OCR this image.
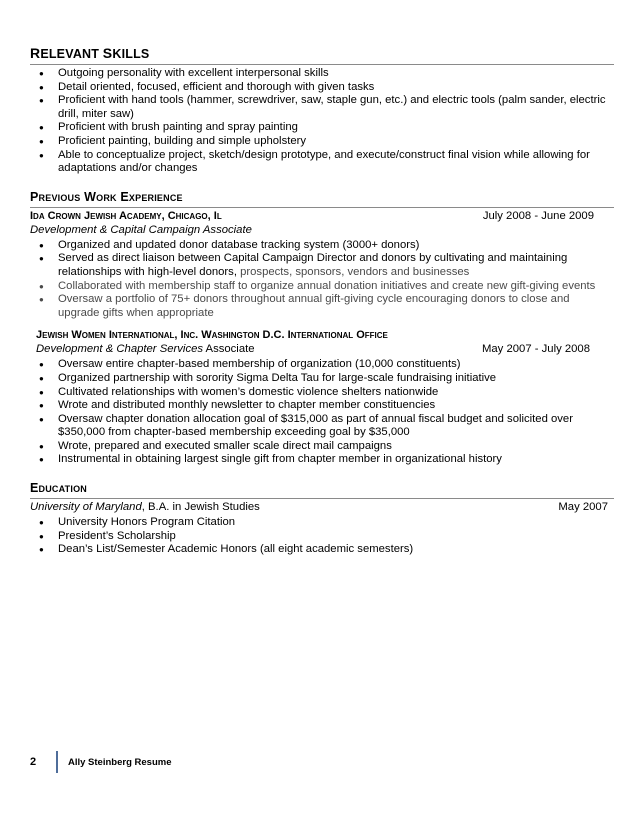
RELEVANT SKILLS
● Outgoing personality with excellent interpersonal skills
● Detail oriented, focused, efficient and thorough with given tasks
● Proficient with hand tools (hammer, screwdriver, saw, staple gun, etc.) and electric tools (palm sander, electric drill, miter saw)
● Proficient with brush painting and spray painting
● Proficient painting, building and simple upholstery
● Able to conceptualize project, sketch/design prototype, and execute/construct final vision while allowing for adaptations and/or changes
Previous Work Experience
Ida Crown Jewish Academy, Chicago, Il	July 2008 - June 2009
Development & Capital Campaign Associate
● Organized and updated donor database tracking system (3000+ donors)
● Served as direct liaison between Capital Campaign Director and donors by cultivating and maintaining relationships with high-level donors, prospects, sponsors, vendors and businesses
● Collaborated with membership staff to organize annual donation initiatives and create new gift-giving events
● Oversaw a portfolio of 75+ donors throughout annual gift-giving cycle encouraging donors to close and upgrade gifts when appropriate
Jewish Women International, Inc. Washington D.C. International Office
Development & Chapter Services Associate	May 2007 - July 2008
● Oversaw entire chapter-based membership of organization (10,000 constituents)
● Organized partnership with sorority Sigma Delta Tau for large-scale fundraising initiative
● Cultivated relationships with women’s domestic violence shelters nationwide
● Wrote and distributed monthly newsletter to chapter member constituencies
● Oversaw chapter donation allocation goal of $315,000 as part of annual fiscal budget and solicited over $350,000 from chapter-based membership exceeding goal by $35,000
● Wrote, prepared and executed smaller scale direct mail campaigns
● Instrumental in obtaining largest single gift from chapter member in organizational history
Education
University of Maryland, B.A. in Jewish Studies	May 2007
● University Honors Program Citation
● President’s Scholarship
● Dean’s List/Semester Academic Honors (all eight academic semesters)
2	Ally Steinberg Resume
